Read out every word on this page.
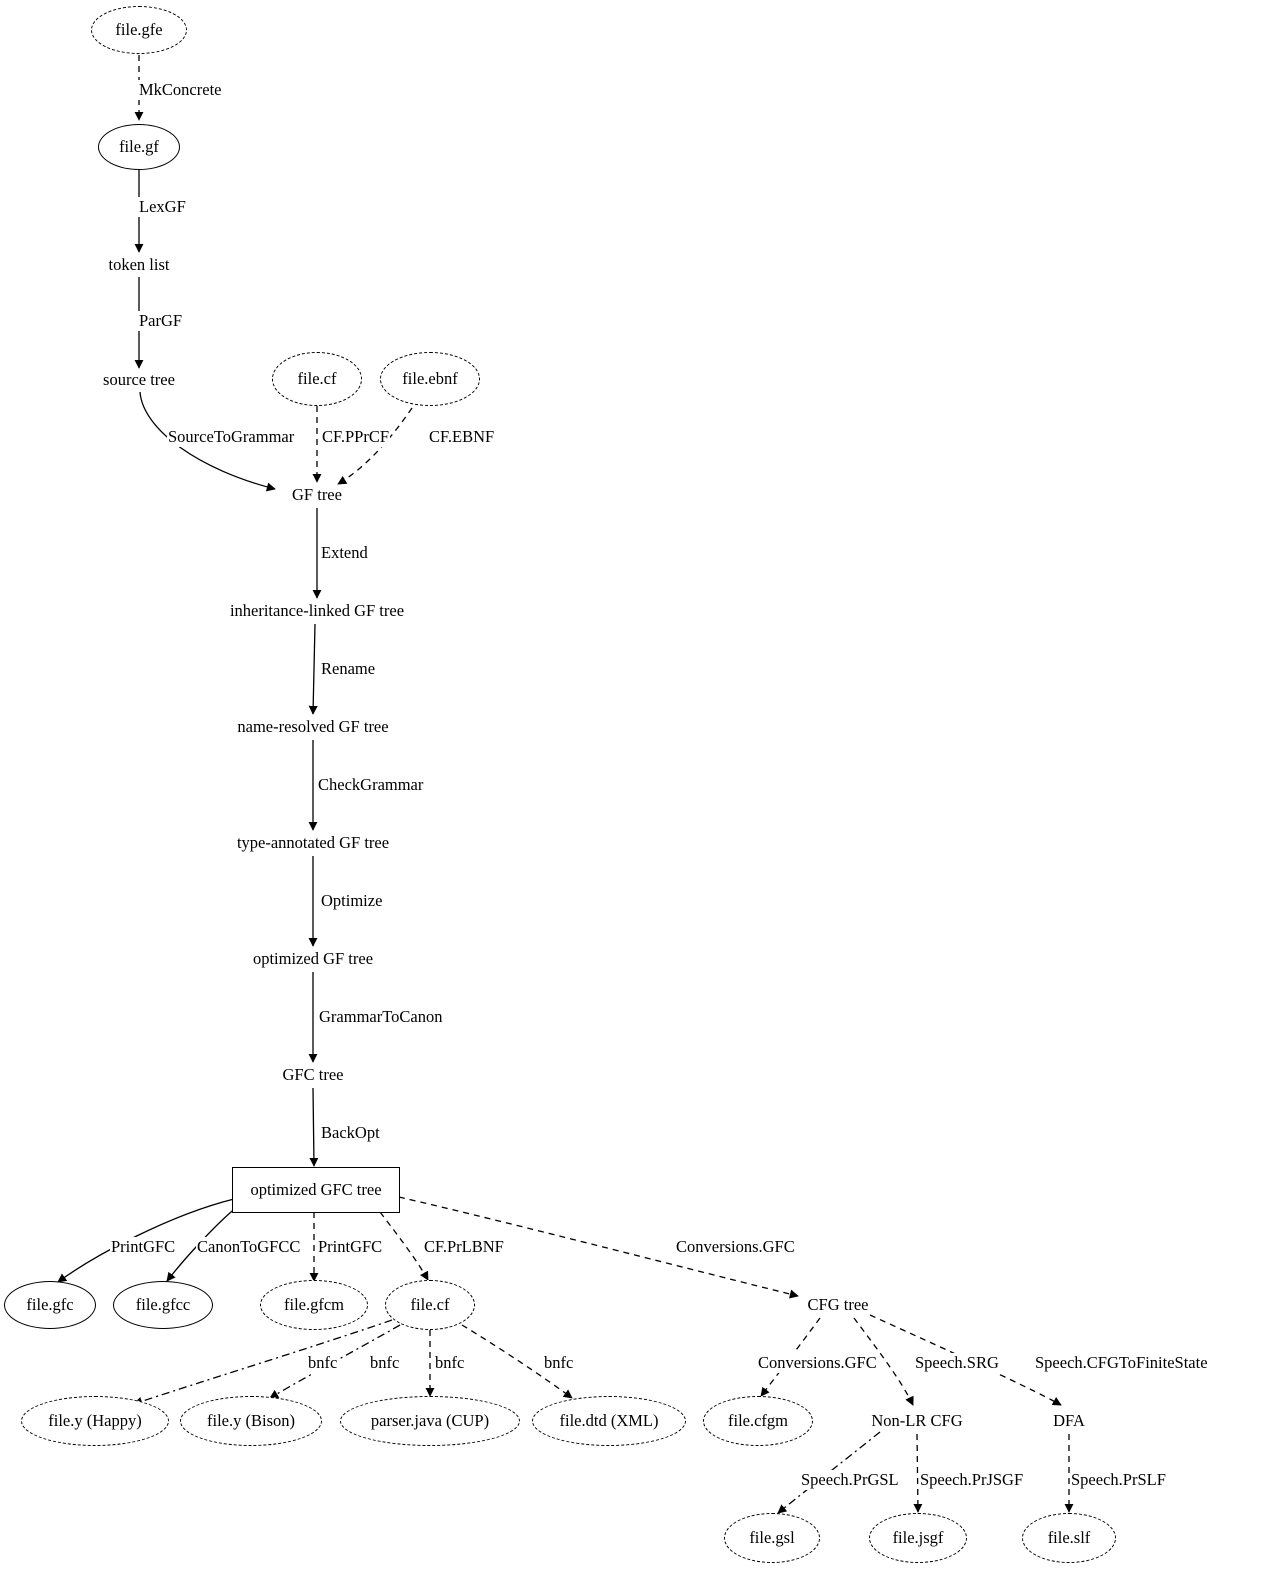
file.gfe
file.gf
token list
source tree	file.cf	file.ebnf
GF tree
inheritance-linked GF tree
name-resolved GF tree
type-annotated GF tree
optimized GF tree
GFC tree
optimized GFC tree
file.gfc	file.gfcc	file.gfcm	file.cf	CFG tree
file.y (Happy)	file.y (Bison)	parser.java (CUP)	file.dtd (XML)	file.cfgm	Non-LR CFG	DFA
file.gsl	file.jsgf	file.slf
MkConcrete
LexGF
ParGF
SourceToGrammar CF.PPrCF CF.EBNF
Extend
Rename
CheckGrammar
Optimize
GrammarToCanon
BackOpt
PrintGFC CanonToGFCC PrintGFC	CF.PrLBNF	Conversions.GFC
bnfc bnfc bnfc	bnfc	Conversions.GFC Speech.SRG Speech.CFGToFiniteState
Speech.PrGSL Speech.PrJSGF	Speech.PrSLF
